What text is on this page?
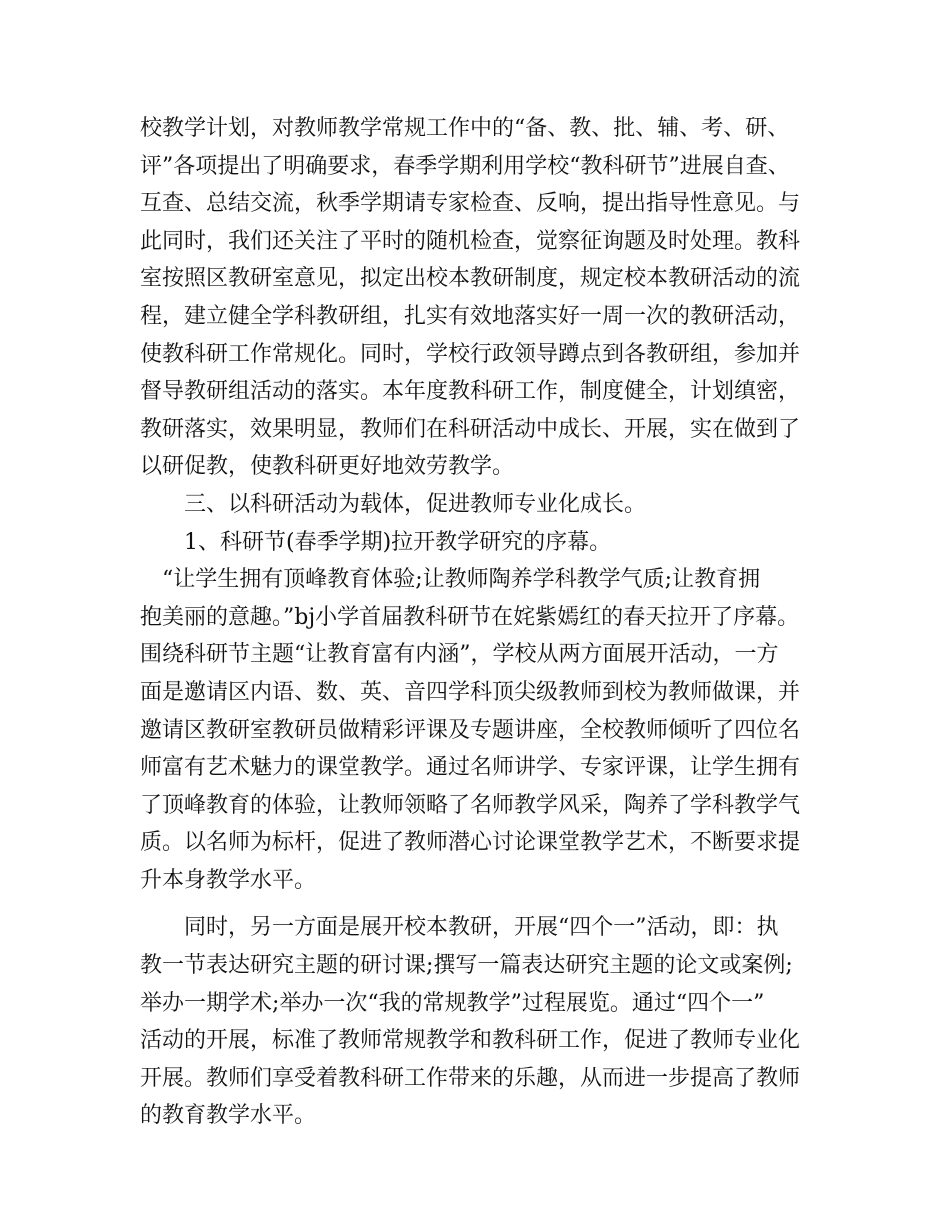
校教学计划，对教师教学常规工作中的“备、教、批、辅、考、研、
评”各项提出了明确要求，春季学期利用学校“教科研节”进展自查、
互查、总结交流，秋季学期请专家检查、反响，提出指导性意见。与
此同时，我们还关注了平时的随机检查，觉察征询题及时处理。教科
室按照区教研室意见，拟定出校本教研制度，规定校本教研活动的流
程，建立健全学科教研组，扎实有效地落实好一周一次的教研活动，
使教科研工作常规化。同时，学校行政领导蹲点到各教研组，参加并
督导教研组活动的落实。本年度教科研工作，制度健全，计划缜密，
教研落实，效果明显，教师们在科研活动中成长、开展，实在做到了
以研促教，使教科研更好地效劳教学。
　　三、以科研活动为载体，促进教师专业化成长。
　　1、科研节(春季学期)拉开教学研究的序幕。
　“让学生拥有顶峰教育体验;让教师陶养学科教学气质;让教育拥
抱美丽的意趣。”bj小学首届教科研节在姹紫嫣红的春天拉开了序幕。
围绕科研节主题“让教育富有内涵”，学校从两方面展开活动，一方
面是邀请区内语、数、英、音四学科顶尖级教师到校为教师做课，并
邀请区教研室教研员做精彩评课及专题讲座，全校教师倾听了四位名
师富有艺术魅力的课堂教学。通过名师讲学、专家评课，让学生拥有
了顶峰教育的体验，让教师领略了名师教学风采，陶养了学科教学气
质。以名师为标杆，促进了教师潜心讨论课堂教学艺术，不断要求提
升本身教学水平。
　　同时，另一方面是展开校本教研，开展“四个一”活动，即：执
教一节表达研究主题的研讨课;撰写一篇表达研究主题的论文或案例;
举办一期学术;举办一次“我的常规教学”过程展览。通过“四个一”
活动的开展，标准了教师常规教学和教科研工作，促进了教师专业化
开展。教师们享受着教科研工作带来的乐趣，从而进一步提高了教师
的教育教学水平。
